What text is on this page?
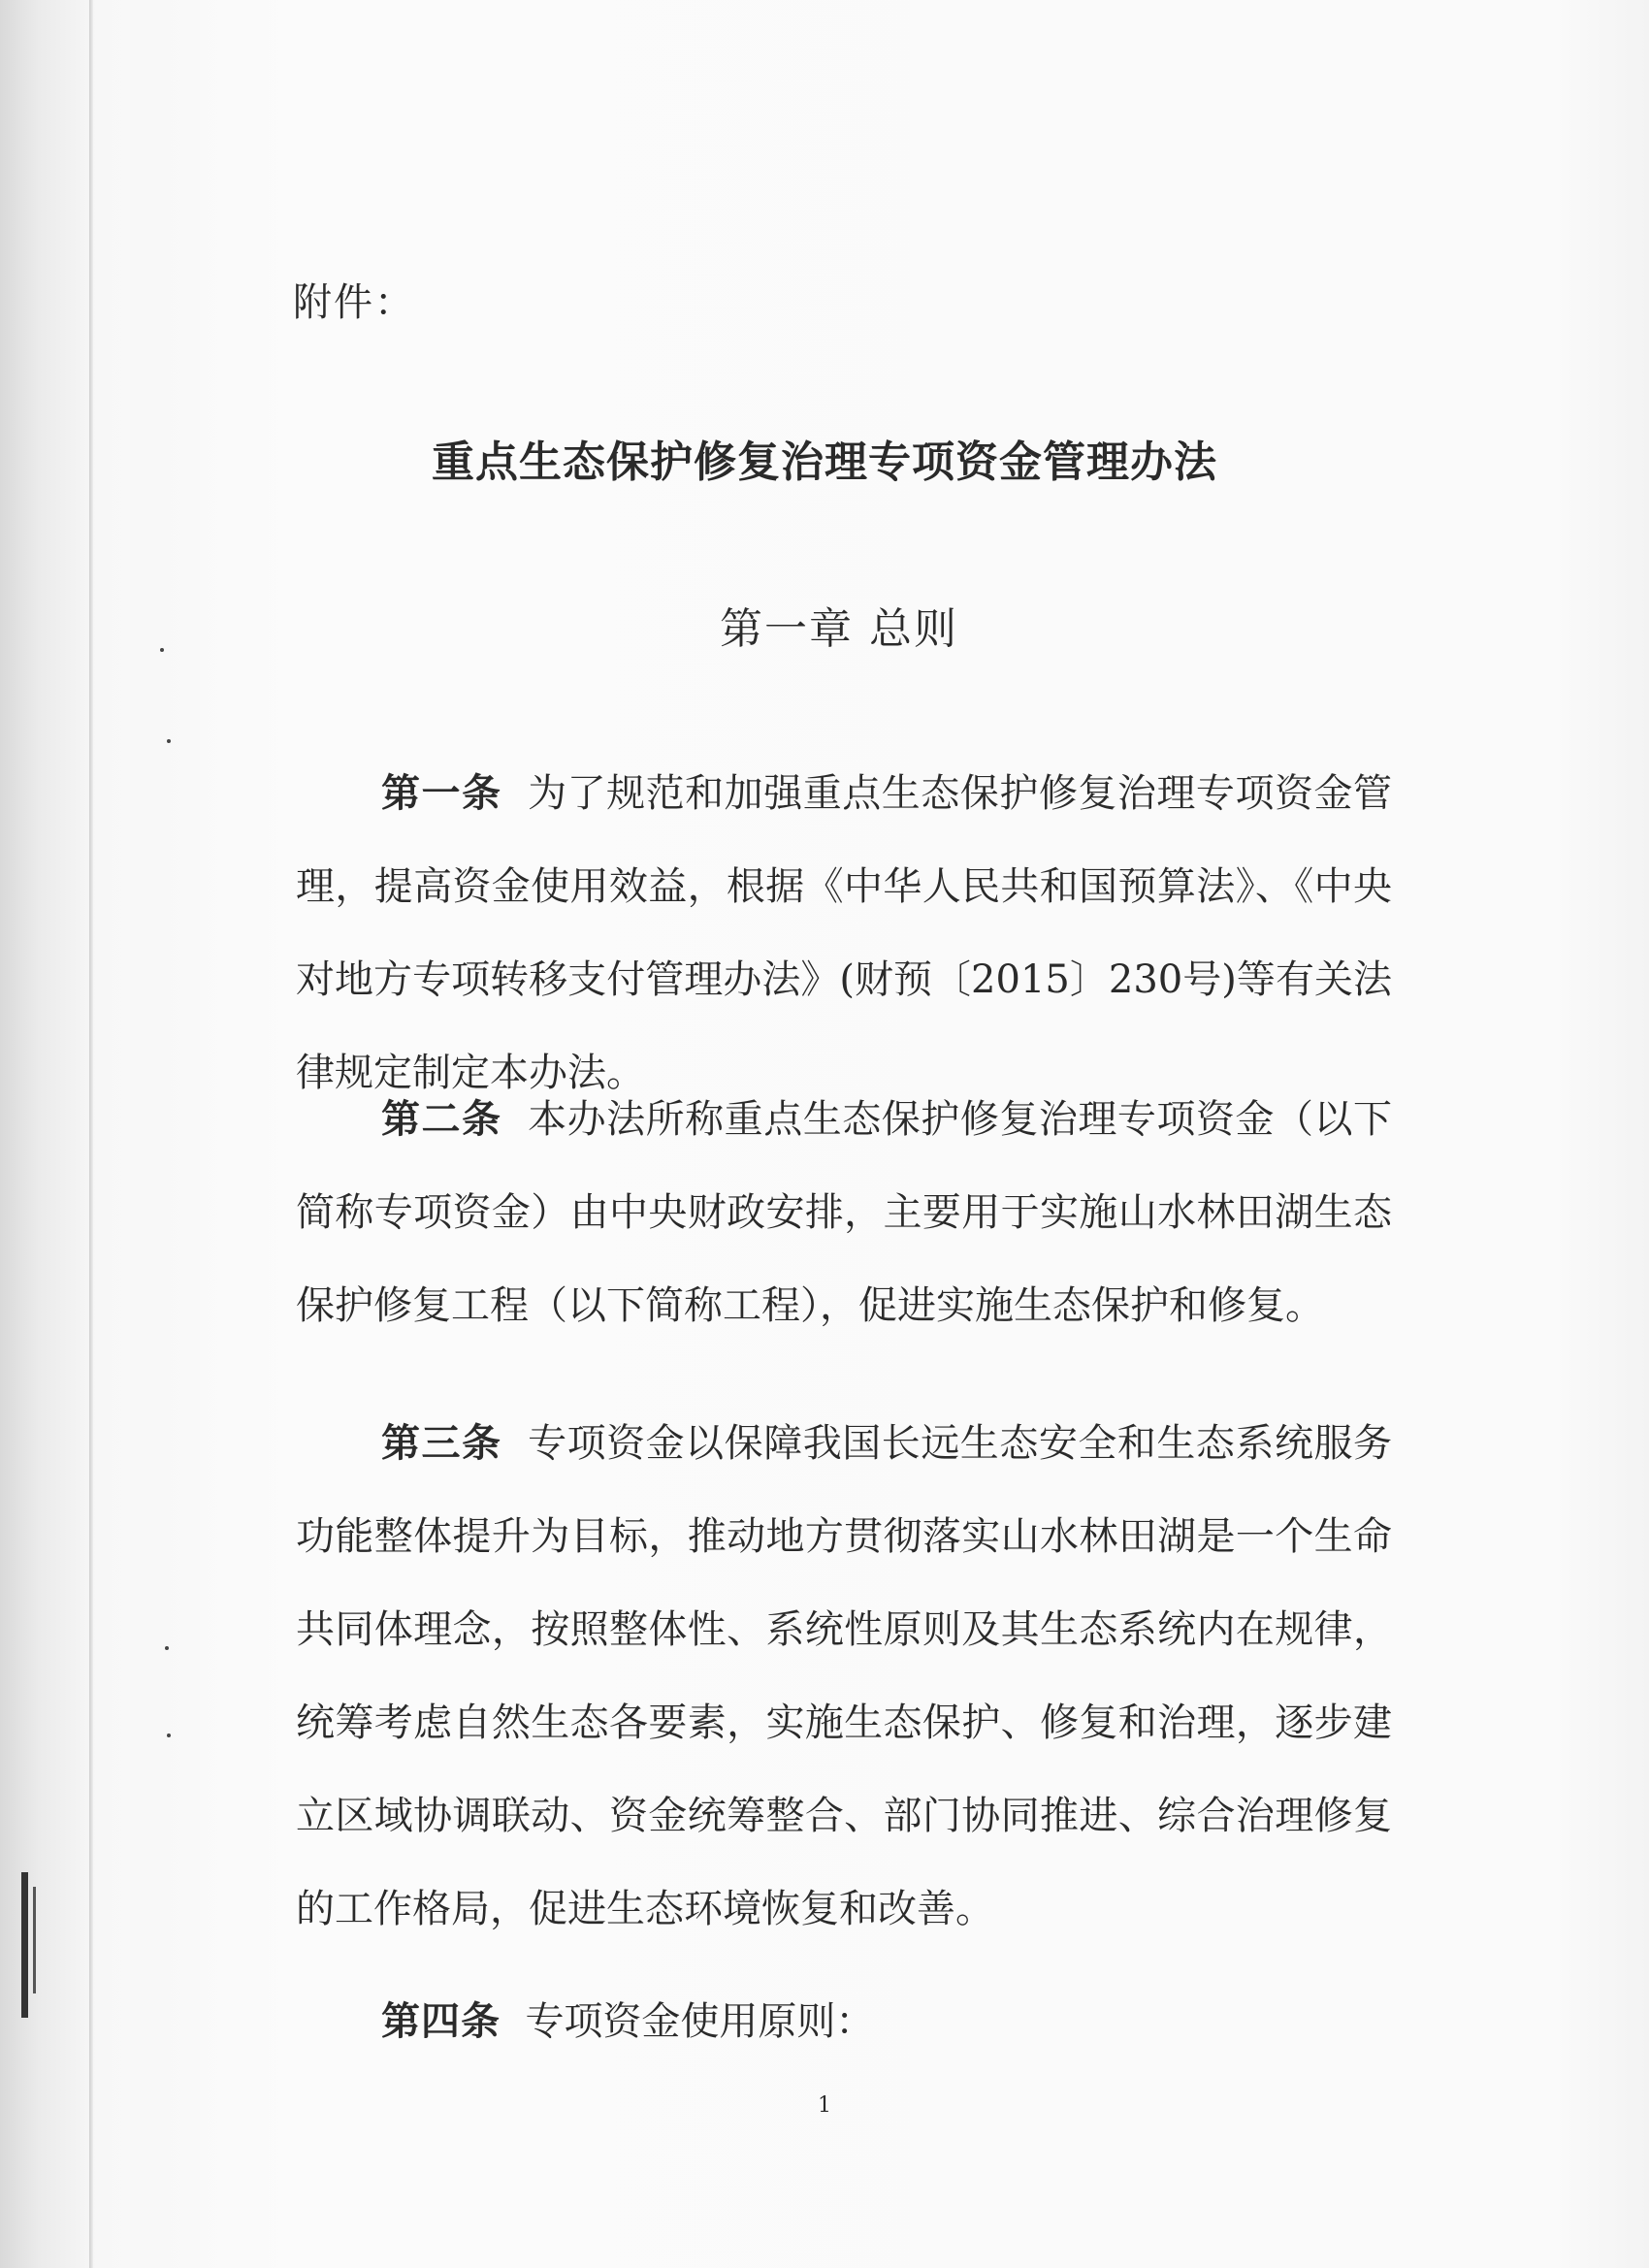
附件：
重点生态保护修复治理专项资金管理办法
第一章 总则

第一条 为了规范和加强重点生态保护修复治理专项资金管理，提高资金使用效益，根据《中华人民共和国预算法》、《中央对地方专项转移支付管理办法》(财预〔2015〕230号)等有关法律规定制定本办法。

第二条 本办法所称重点生态保护修复治理专项资金（以下简称专项资金）由中央财政安排，主要用于实施山水林田湖生态保护修复工程（以下简称工程），促进实施生态保护和修复。

第三条 专项资金以保障我国长远生态安全和生态系统服务功能整体提升为目标，推动地方贯彻落实山水林田湖是一个生命共同体理念，按照整体性、系统性原则及其生态系统内在规律，统筹考虑自然生态各要素，实施生态保护、修复和治理，逐步建立区域协调联动、资金统筹整合、部门协同推进、综合治理修复的工作格局，促进生态环境恢复和改善。

第四条 专项资金使用原则：

1
